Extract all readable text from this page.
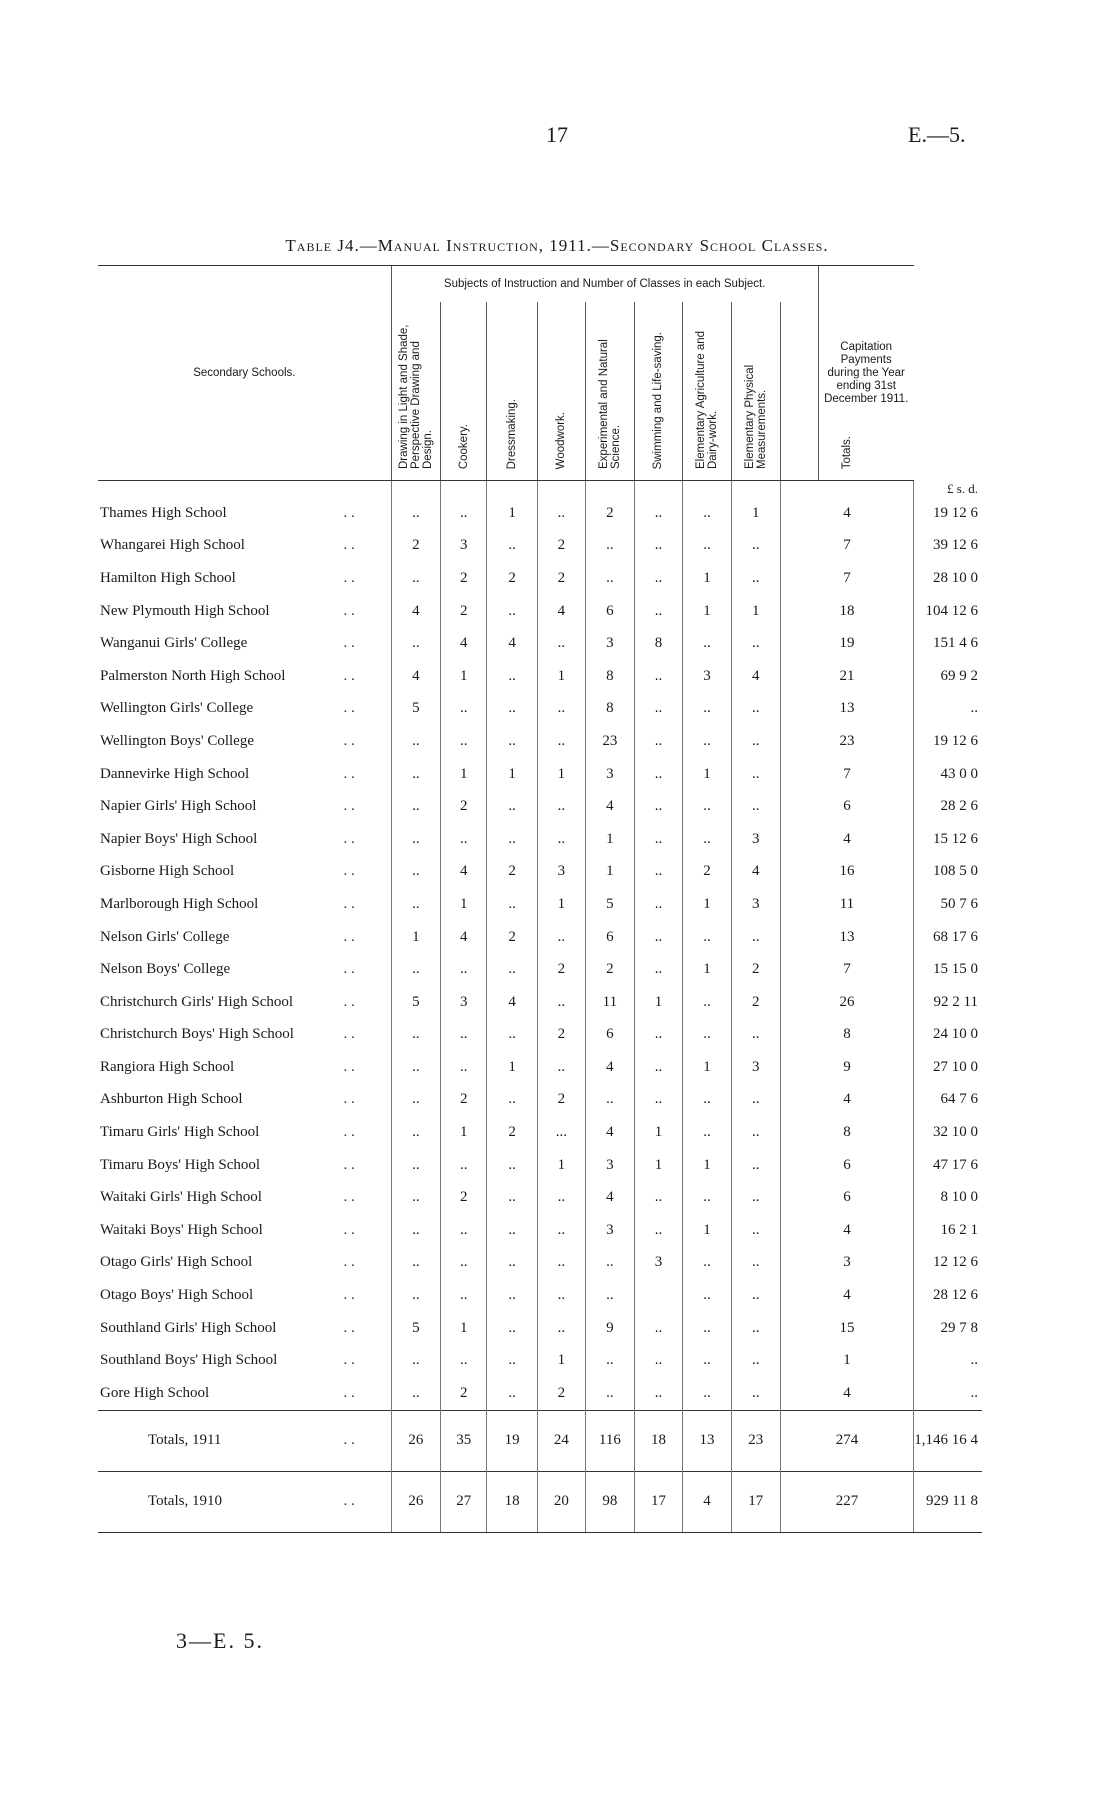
17	E.—5.
Table J4.—Manual Instruction, 1911.—Secondary School Classes.
Secondary Schools.		Subjects of Instruction and Number of Classes in each Subject.									Capitation Payments during the Year ending 31st December 1911.	
		Drawing in Light and Shade, Perspective Drawing and Design.	Cookery.	Dressmaking.	Woodwork.	Experimental and Natural Science.	Swimming and Life-saving.	Elementary Agriculture and Dairy-work.	Elementary Physical Measurements.	Totals.		
												£ s. d.
Thames High School	. .	..	..	1	..	2	..	..	1	4		19 12 6
Whangarei High School	. .	2	3	..	2	..	..	..	..	7		39 12 6
Hamilton High School	. .	..	2	2	2	..	..	1	..	7		28 10 0
New Plymouth High School	. .	4	2	..	4	6	..	1	1	18		104 12 6
Wanganui Girls' College	. .	..	4	4	..	3	8	..	..	19		151 4 6
Palmerston North High School	. .	4	1	..	1	8	..	3	4	21		69 9 2
Wellington Girls' College	. .	5	..	..	..	8	..	..	..	13		..
Wellington Boys' College	. .	..	..	..	..	23	..	..	..	23		19 12 6
Dannevirke High School	. .	..	1	1	1	3	..	1	..	7		43 0 0
Napier Girls' High School	. .	..	2	..	..	4	..	..	..	6		28 2 6
Napier Boys' High School	. .	..	..	..	..	1	..	..	3	4		15 12 6
Gisborne High School	. .	..	4	2	3	1	..	2	4	16		108 5 0
Marlborough High School	. .	..	1	..	1	5	..	1	3	11		50 7 6
Nelson Girls' College	. .	1	4	2	..	6	..	..	..	13		68 17 6
Nelson Boys' College	. .	..	..	..	2	2	..	1	2	7		15 15 0
Christchurch Girls' High School	. .	5	3	4	..	11	1	..	2	26		92 2 11
Christchurch Boys' High School	. .	..	..	..	2	6	..	..	..	8		24 10 0
Rangiora High School	. .	..	..	1	..	4	..	1	3	9		27 10 0
Ashburton High School	. .	..	2	..	2	..	..	..	..	4		64 7 6
Timaru Girls' High School	. .	..	1	2	...	4	1	..	..	8		32 10 0
Timaru Boys' High School	. .	..	..	..	1	3	1	1	..	6		47 17 6
Waitaki Girls' High School	. .	..	2	..	..	4	..	..	..	6		8 10 0
Waitaki Boys' High School	. .	..	..	..	..	3	..	1	..	4		16 2 1
Otago Girls' High School	. .	..	..	..	..	..	3	..	..	3		12 12 6
Otago Boys' High School	. .	..	..	..	..	..		..	..	4		28 12 6
Southland Girls' High School	. .	5	1	..	..	9	..	..	..	15		29 7 8
Southland Boys' High School	. .	..	..	..	1	..	..	..	..	1		..
Gore High School	. .	..	2	..	2	..	..	..	..	4		..
Totals, 1911	. .	26	35	19	24	116	18	13	23	274		1,146 16 4
Totals, 1910	. .	26	27	18	20	98	17	4	17	227		929 11 8
3—E. 5.
